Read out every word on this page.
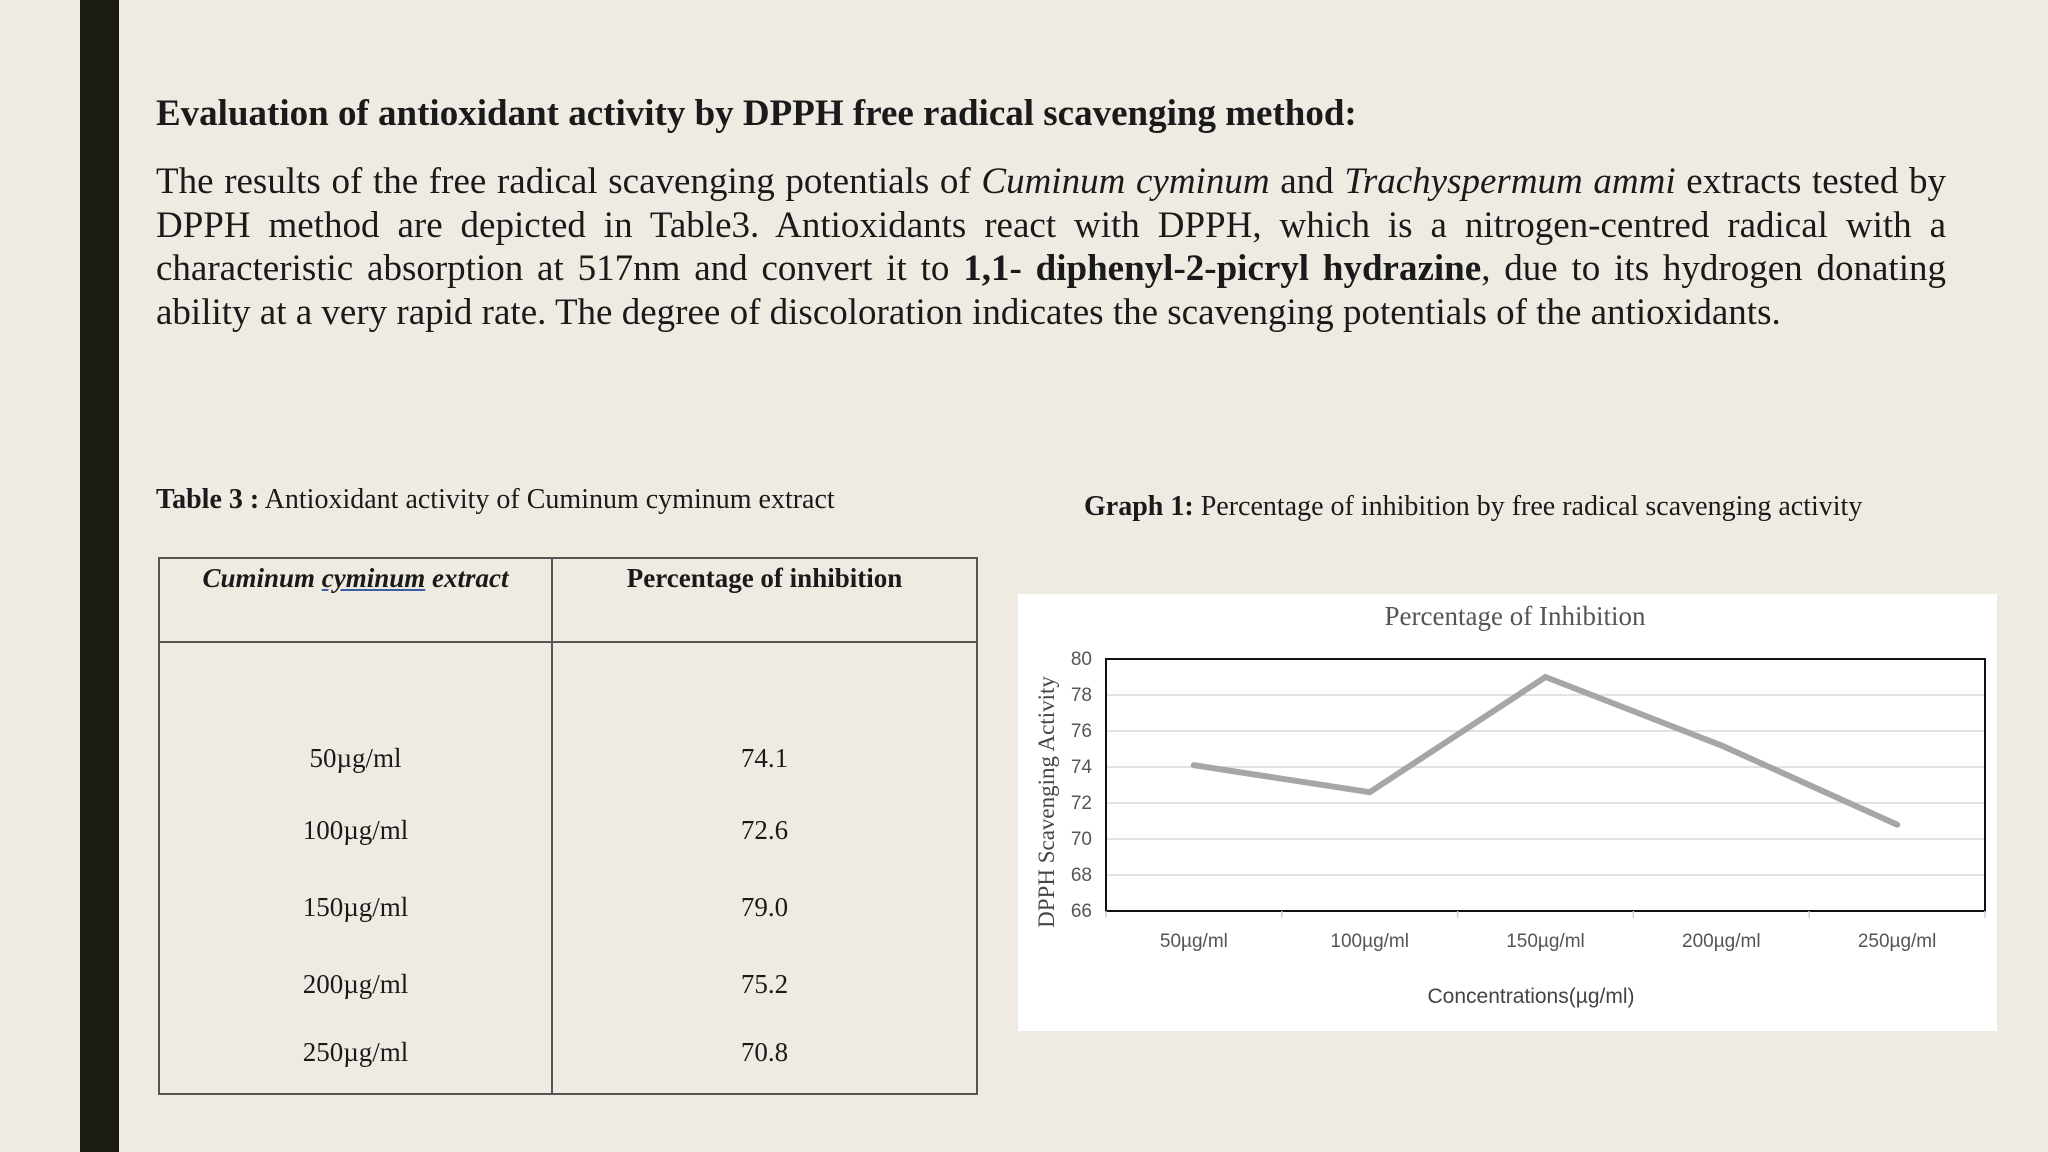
Evaluation of antioxidant activity by DPPH free radical scavenging method:

The results of the free radical scavenging potentials of Cuminum cyminum and Trachyspermum ammi extracts tested by DPPH method are depicted in Table3. Antioxidants react with DPPH, which is a nitrogen-centred radical with a characteristic absorption at 517nm and convert it to 1,1- diphenyl-2-picryl hydrazine, due to its hydrogen donating ability at a very rapid rate. The degree of discoloration indicates the scavenging potentials of the antioxidants.

Table 3 : Antioxidant activity of Cuminum cyminum extract	Graph 1: Percentage of inhibition by free radical scavenging activity

Cuminum cyminum extract	Percentage of inhibition
50µg/ml	74.1
100µg/ml	72.6
150µg/ml	79.0
200µg/ml	75.2
250µg/ml	70.8
Percentage of Inhibition
66
68
70
72
74
76
78
80
50µg/ml	100µg/ml	150µg/ml	200µg/ml	250µg/ml
DPPH Scavenging Activity
Concentrations(µg/ml)
